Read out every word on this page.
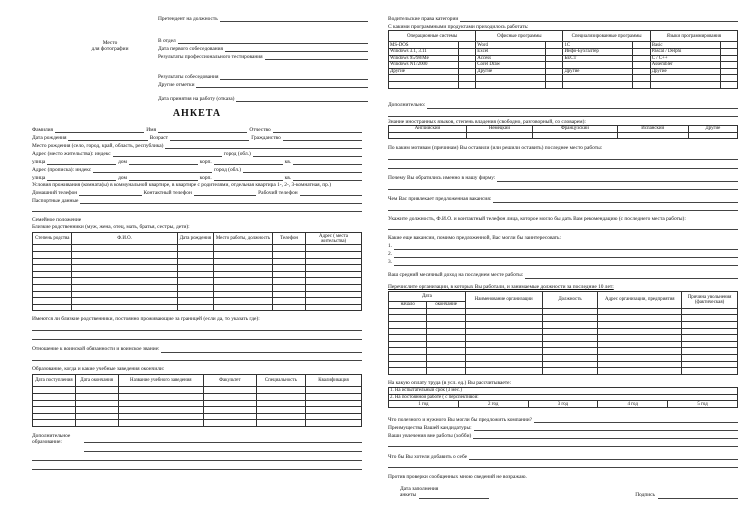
Место
для фотографии
Претендент на должность
В отдел
Дата первого собеседования
Результаты профессионального тестирования
Результаты собеседования
Другие отметки
Дата принятия на работу (отказа)
АНКЕТА
Фамилия	Имя	Отчество
Дата рождения	Возраст	Гражданство
Место рождения (село, город, край, область, республика)
Адрес (место жительства): индекс	город (обл.)
улица	дом	корп.	кв.
Адрес (прописка): индекс	город (обл.)
улица	дом	корп.	кв.
Условия проживания (комната(ы) в коммунальной квартире, в квартире с родителями, отдельная квартира 1-, 2-, 3-комнатная, пр.)
Домашний телефон	Контактный телефон	Рабочий телефон
Паспортные данные
Семейное положение
Близкие родственники (муж, жена, отец, мать, братья, сестры, дети):
Степень родства	Ф.И.О.	Дата рождения	Место работы, должность	Телефон	Адрес ( места жительства)

Имеются ли близкие родственники, постоянно проживающие за границей (если да, то указать где):
Отношение к воинской обязанности и воинское звание:
Образование, когда и какие учебные заведения окончили:
Дата поступления	Дата окончания	Название учебного заведения	Факультет	Специальность	Квалификация

Дополнительное
образование:
Водительские права категории
С какими программными продуктами приходилось работать:
Операционные системы		Офисные программы		Специализированные программы		Языки программирования	
MS-DOS		Word		1С		Basic	
Windows 3.1, 3.11		Excel		Инфо-Бухгалтер		Pascal / Delphi	
Windows 95/98/Me		Access		БЕСТ		С / С++	
Windows NT/2000		Corel Draw				Assembler	
Другие		Другие		Другие		Другие	

Дополнительно:
Знание иностранных языков, степень владения (свободно, разговорный, со словарем):
Английский	Немецкий	Французский	Испанский	Другие

По каким мотивам (причинам) Вы оставили (или решили оставить) последнее место работы:
Почему Вы обратились именно в нашу фирму:
Чем Вас привлекает предложенная вакансия:
Укажите должность, Ф.И.О. и контактный телефон лица, которое могло бы дать Вам рекомендацию (с последнего места работы):
Какие еще вакансии, помимо предложенной, Вас могли бы заинтересовать:
1.
2.
3.
Ваш средний месячный доход на последнем месте работы:
Перечислите организации, в которых Вы работали, и занимаемые должности за последние 10 лет:
Дата		Наименование организации	Должность	Адрес организации, предприятия	Причина увольнения (фактическая)
начало	окончание				

На какую оплату труда (в усл. ед.) Вы рассчитываете:
1. На испытательный срок (3 мес.)
2. На постоянной работе ( с перспективой:
1 год	2 год	3 год	4 год	5 год
Что полезного и нужного Вы могли бы предложить компании?
Преимущества Вашей кандидатуры:
Ваши увлечения вне работы (хобби)
Что бы Вы хотели добавить о себе
Против проверки сообщенных мною сведений не возражаю.
Дата заполнения
анкеты	Подпись
